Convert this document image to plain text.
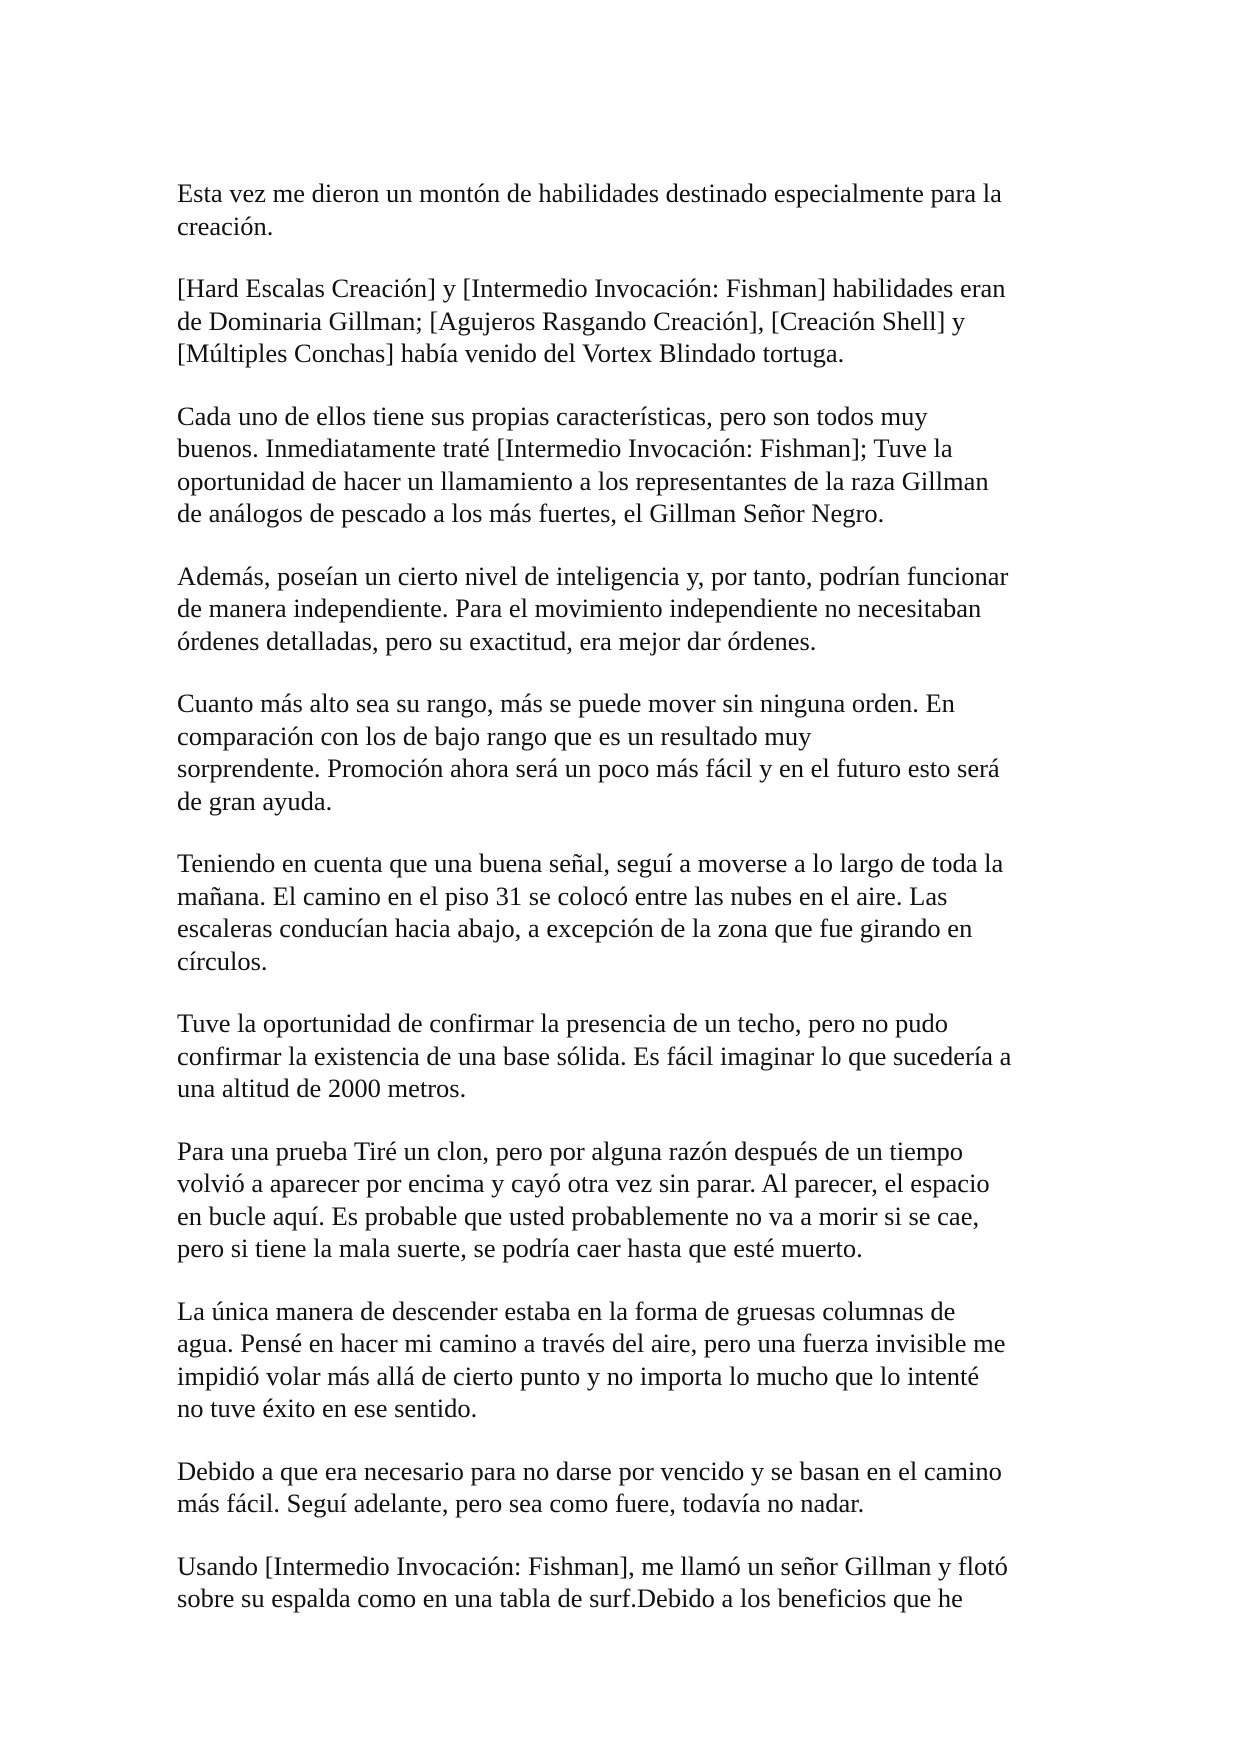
Esta vez me dieron un montón de habilidades destinado especialmente para la
creación.

[Hard Escalas Creación] y [Intermedio Invocación: Fishman] habilidades eran
de Dominaria Gillman; [Agujeros Rasgando Creación], [Creación Shell] y
[Múltiples Conchas] había venido del Vortex Blindado tortuga.

Cada uno de ellos tiene sus propias características, pero son todos muy
buenos. Inmediatamente traté [Intermedio Invocación: Fishman]; Tuve la
oportunidad de hacer un llamamiento a los representantes de la raza Gillman
de análogos de pescado a los más fuertes, el Gillman Señor Negro.

Además, poseían un cierto nivel de inteligencia y, por tanto, podrían funcionar
de manera independiente. Para el movimiento independiente no necesitaban
órdenes detalladas, pero su exactitud, era mejor dar órdenes.

Cuanto más alto sea su rango, más se puede mover sin ninguna orden. En
comparación con los de bajo rango que es un resultado muy
sorprendente. Promoción ahora será un poco más fácil y en el futuro esto será
de gran ayuda.

Teniendo en cuenta que una buena señal, seguí a moverse a lo largo de toda la
mañana. El camino en el piso 31 se colocó entre las nubes en el aire. Las
escaleras conducían hacia abajo, a excepción de la zona que fue girando en
círculos.

Tuve la oportunidad de confirmar la presencia de un techo, pero no pudo
confirmar la existencia de una base sólida. Es fácil imaginar lo que sucedería a
una altitud de 2000 metros.

Para una prueba Tiré un clon, pero por alguna razón después de un tiempo
volvió a aparecer por encima y cayó otra vez sin parar. Al parecer, el espacio
en bucle aquí. Es probable que usted probablemente no va a morir si se cae,
pero si tiene la mala suerte, se podría caer hasta que esté muerto.

La única manera de descender estaba en la forma de gruesas columnas de
agua. Pensé en hacer mi camino a través del aire, pero una fuerza invisible me
impidió volar más allá de cierto punto y no importa lo mucho que lo intenté
no tuve éxito en ese sentido.

Debido a que era necesario para no darse por vencido y se basan en el camino
más fácil. Seguí adelante, pero sea como fuere, todavía no nadar.

Usando [Intermedio Invocación: Fishman], me llamó un señor Gillman y flotó
sobre su espalda como en una tabla de surf.Debido a los beneficios que he
